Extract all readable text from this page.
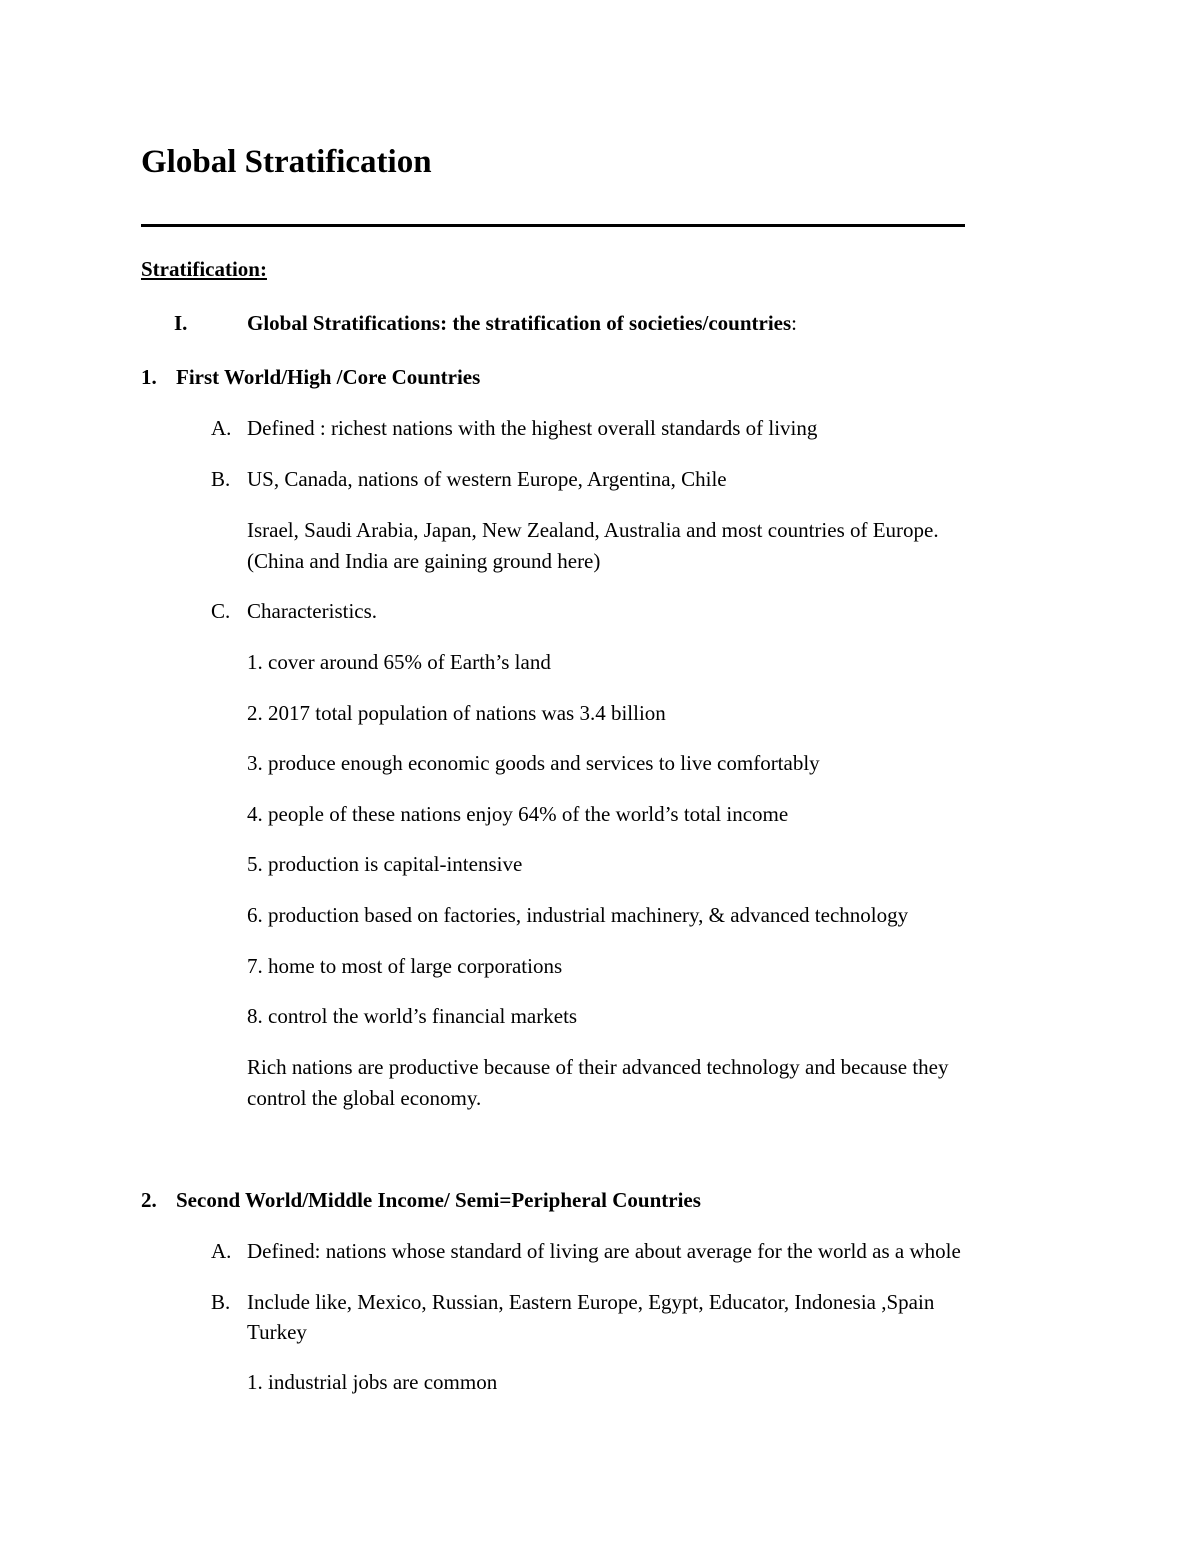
Global Stratification
Stratification:
I.	Global Stratifications: the stratification of societies/countries:
1. First World/High /Core Countries
A. Defined : richest nations with the highest overall standards of living
B. US, Canada, nations of western Europe, Argentina, Chile
Israel, Saudi Arabia, Japan, New Zealand, Australia and most countries of Europe.
(China and India are gaining ground here)
C. Characteristics.
1. cover around 65% of Earth’s land
2. 2017 total population of nations was 3.4 billion
3. produce enough economic goods and services to live comfortably
4. people of these nations enjoy 64% of the world’s total income
5. production is capital-intensive
6. production based on factories, industrial machinery, & advanced technology
7. home to most of large corporations
8. control the world’s financial markets
Rich nations are productive because of their advanced technology and because they
control the global economy.
2. Second World/Middle Income/ Semi=Peripheral Countries
A. Defined: nations whose standard of living are about average for the world as a whole
B. Include like, Mexico, Russian, Eastern Europe, Egypt, Educator, Indonesia ,Spain
Turkey
1. industrial jobs are common
